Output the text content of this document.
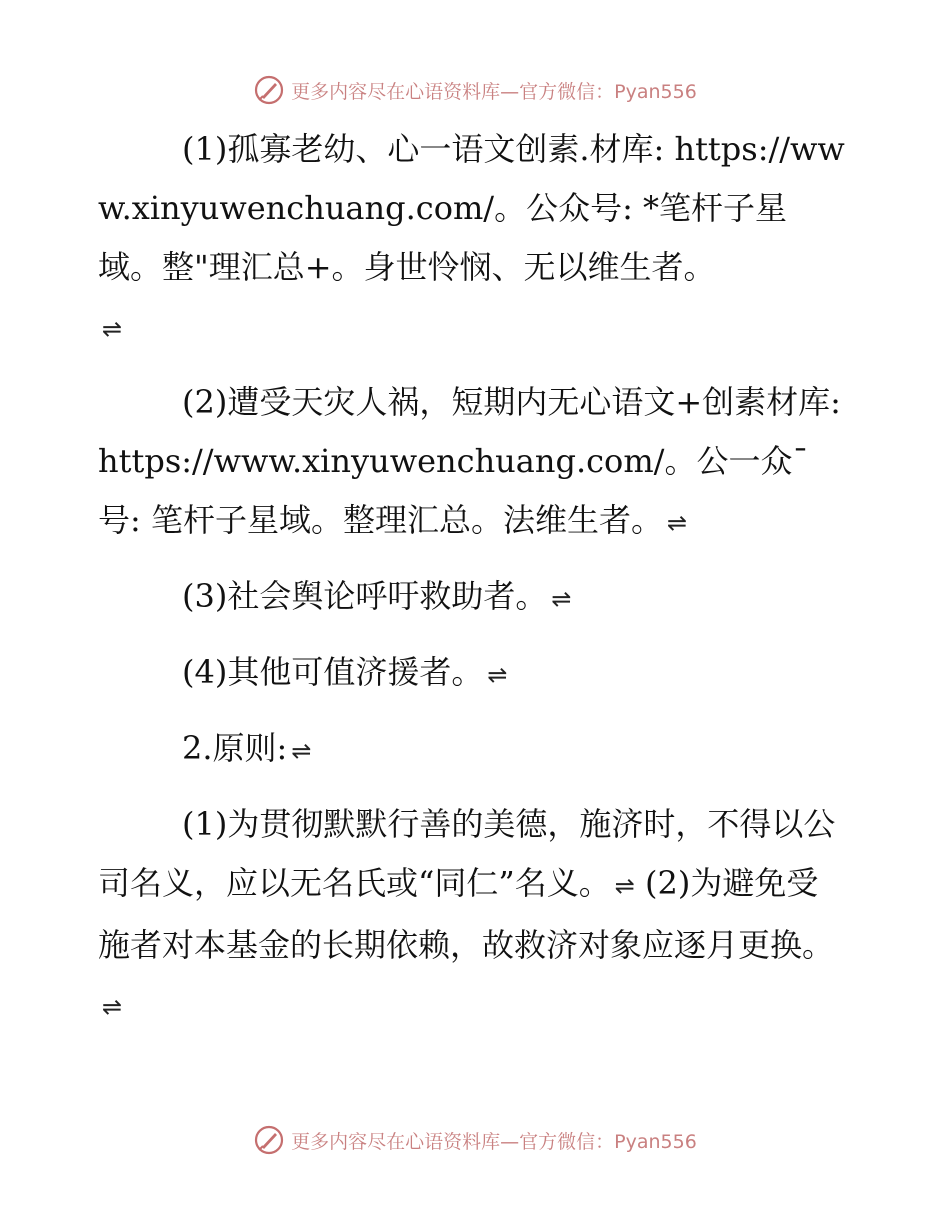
更多内容尽在心语资料库—官方微信：Pyan556

(1)孤寡老幼、心一语文创素.材库: https://www.xinyuwenchuang.com/。公众号: *笔杆子星域。整"理汇总+。身世怜悯、无以维生者。
⇌

(2)遭受天灾人祸，短期内无心语文+创素材库: https://www.xinyuwenchuang.com/。公一众¯号: 笔杆子星域。整理汇总。法维生者。 ⇌

(3)社会舆论呼吁救助者。 ⇌

(4)其他可值济援者。 ⇌

2.原则: ⇌

(1)为贯彻默默行善的美德，施济时，不得以公司名义，应以无名氏或“同仁”名义。 ⇌ (2)为避免受施者对本基金的长期依赖，故救济对象应逐月更换。⇌

更多内容尽在心语资料库—官方微信：Pyan556
